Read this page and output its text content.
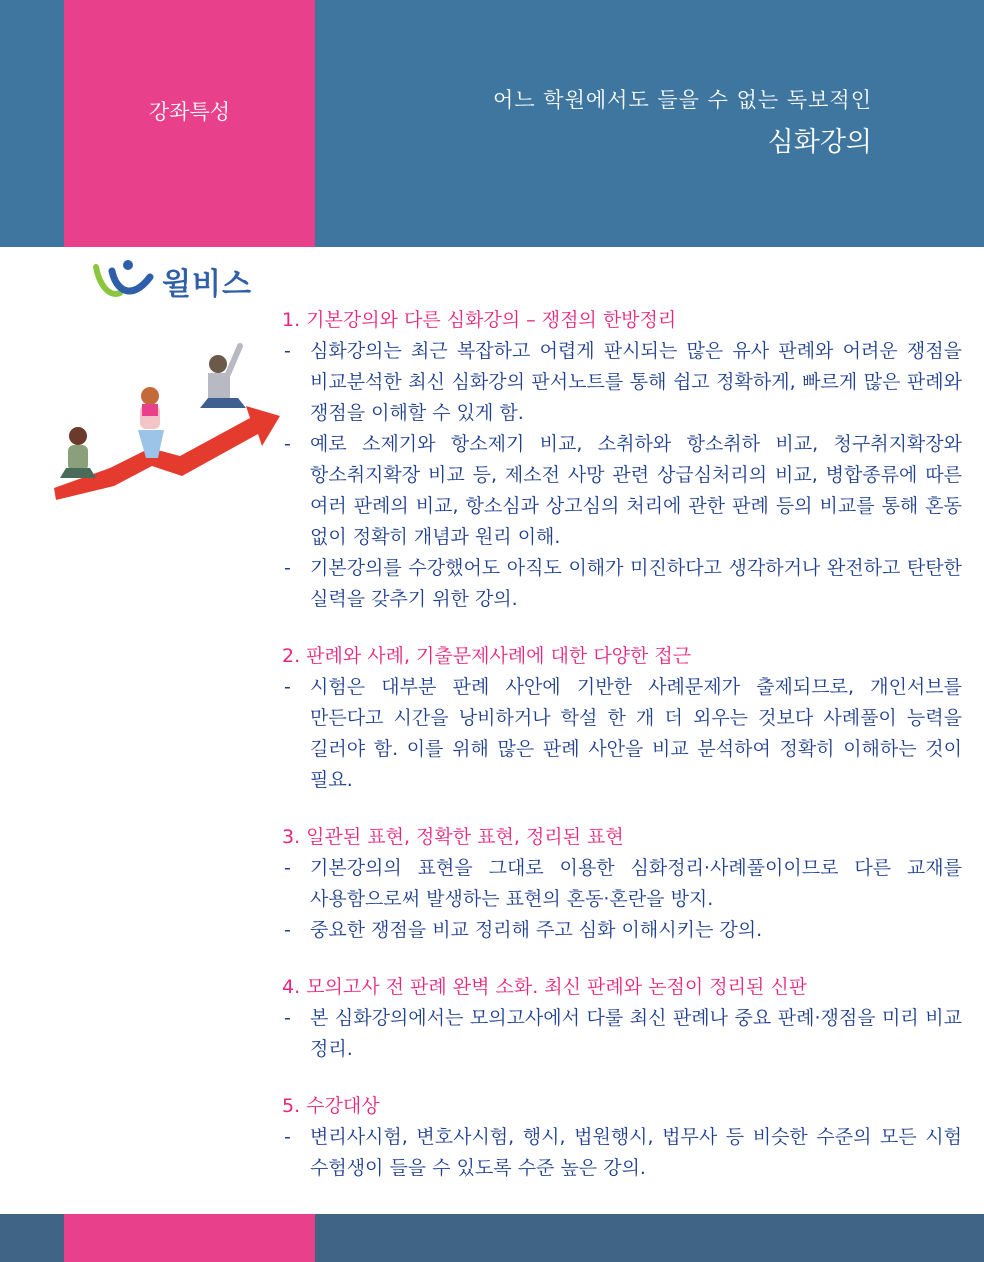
강좌특성	어느 학원에서도 들을 수 없는 독보적인
심화강의
윌비스
1. 기본강의와 다른 심화강의 – 쟁점의 한방정리
- 심화강의는 최근 복잡하고 어렵게 판시되는 많은 유사 판례와 어려운 쟁점을 비교분석한 최신 심화강의 판서노트를 통해 쉽고 정확하게, 빠르게 많은 판례와 쟁점을 이해할 수 있게 함.
- 예로 소제기와 항소제기 비교, 소취하와 항소취하 비교, 청구취지확장와 항소취지확장 비교 등, 제소전 사망 관련 상급심처리의 비교, 병합종류에 따른 여러 판례의 비교, 항소심과 상고심의 처리에 관한 판례 등의 비교를 통해 혼동 없이 정확히 개념과 원리 이해.
- 기본강의를 수강했어도 아직도 이해가 미진하다고 생각하거나 완전하고 탄탄한 실력을 갖추기 위한 강의.
2. 판례와 사례, 기출문제사례에 대한 다양한 접근
- 시험은 대부분 판례 사안에 기반한 사례문제가 출제되므로, 개인서브를 만든다고 시간을 낭비하거나 학설 한 개 더 외우는 것보다 사례풀이 능력을 길러야 함. 이를 위해 많은 판례 사안을 비교 분석하여 정확히 이해하는 것이 필요.
3. 일관된 표현, 정확한 표현, 정리된 표현
- 기본강의의 표현을 그대로 이용한 심화정리·사례풀이이므로 다른 교재를 사용함으로써 발생하는 표현의 혼동·혼란을 방지.
- 중요한 쟁점을 비교 정리해 주고 심화 이해시키는 강의.
4. 모의고사 전 판례 완벽 소화. 최신 판례와 논점이 정리된 신판
- 본 심화강의에서는 모의고사에서 다룰 최신 판례나 중요 판례·쟁점을 미리 비교 정리.
5. 수강대상
- 변리사시험, 변호사시험, 행시, 법원행시, 법무사 등 비슷한 수준의 모든 시험 수험생이 들을 수 있도록 수준 높은 강의.
